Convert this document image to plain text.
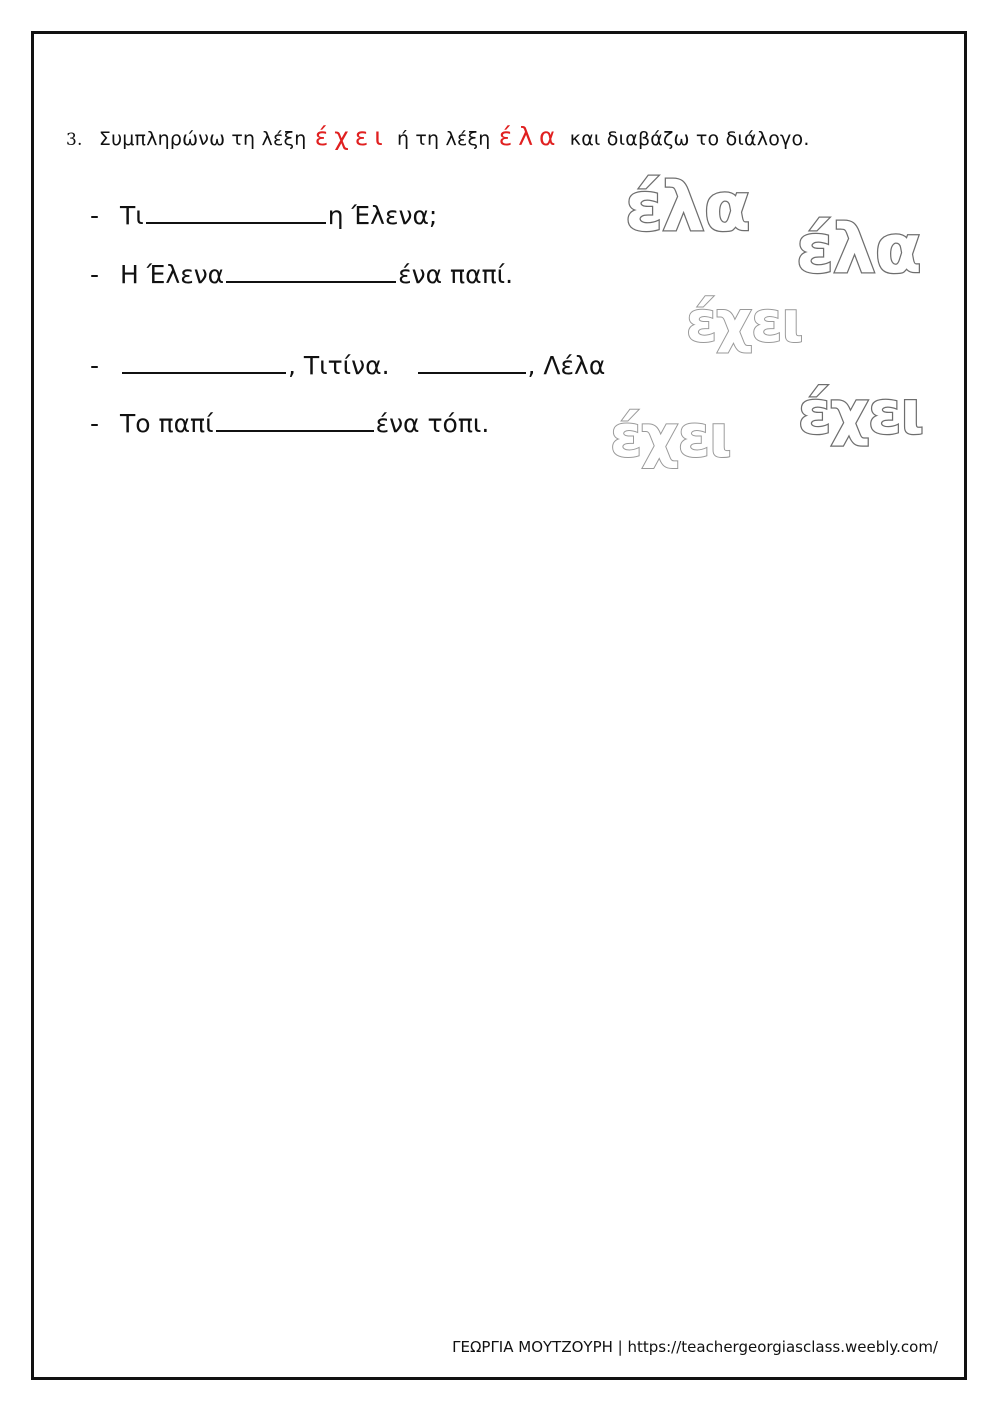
3. Συμπληρώνω τη λέξη έχει ή τη λέξη έλα και διαβάζω το διάλογο.
- Τι	η Έλενα;
- Η Έλενα	ένα παπί.
-	, Τιτίνα.	, Λέλα
- Το παπί	ένα τόπι.
έλα
έλα
έχει
έχει έχει
ΓΕΩΡΓΙΑ ΜΟΥΤΖΟΥΡΗ | https://teachergeorgiasclass.weebly.com/
